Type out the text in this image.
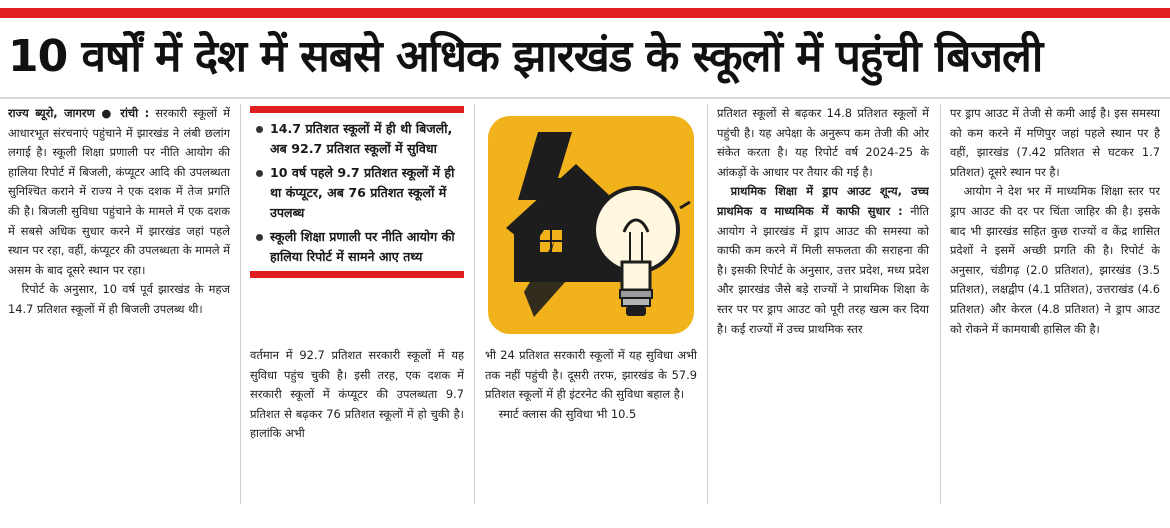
10 वर्षों में देश में सबसे अधिक झारखंड के स्कूलों में पहुंची बिजली

राज्य ब्यूरो, जागरण ● रांची : सरकारी स्कूलों में आधारभूत संरचनाएं पहुंचाने में झारखंड ने लंबी छलांग लगाई है। स्कूली शिक्षा प्रणाली पर नीति आयोग की हालिया रिपोर्ट में बिजली, कंप्यूटर आदि की उपलब्धता सुनिश्चित कराने में राज्य ने एक दशक में तेज प्रगति की है। बिजली सुविधा पहुंचाने के मामले में एक दशक में सबसे अधिक सुधार करने में झारखंड जहां पहले स्थान पर रहा, वहीं, कंप्यूटर की उपलब्धता के मामले में असम के बाद दूसरे स्थान पर रहा।

रिपोर्ट के अनुसार, 10 वर्ष पूर्व झारखंड के महज 14.7 प्रतिशत स्कूलों में ही बिजली उपलब्ध थी।

14.7 प्रतिशत स्कूलों में ही थी बिजली, अब 92.7 प्रतिशत स्कूलों में सुविधा
10 वर्ष पहले 9.7 प्रतिशत स्कूलों में ही था कंप्यूटर, अब 76 प्रतिशत स्कूलों में उपलब्ध
स्कूली शिक्षा प्रणाली पर नीति आयोग की हालिया रिपोर्ट में सामने आए तथ्य

वर्तमान में 92.7 प्रतिशत सरकारी स्कूलों में यह सुविधा पहुंच चुकी है। इसी तरह, एक दशक में सरकारी स्कूलों में कंप्यूटर की उपलब्धता 9.7 प्रतिशत से बढ़कर 76 प्रतिशत स्कूलों में हो चुकी है। हालांकि अभी

भी 24 प्रतिशत सरकारी स्कूलों में यह सुविधा अभी तक नहीं पहुंची है। दूसरी तरफ, झारखंड के 57.9 प्रतिशत स्कूलों में ही इंटरनेट की सुविधा बहाल है।

स्मार्ट क्लास की सुविधा भी 10.5

प्रतिशत स्कूलों से बढ़कर 14.8 प्रतिशत स्कूलों में पहुंची है। यह अपेक्षा के अनुरूप कम तेजी की ओर संकेत करता है। यह रिपोर्ट वर्ष 2024-25 के आंकड़ों के आधार पर तैयार की गई है।

प्राथमिक शिक्षा में ड्राप आउट शून्य, उच्च प्राथमिक व माध्यमिक में काफी सुधार : नीति आयोग ने झारखंड में ड्राप आउट की समस्या को काफी कम करने में मिली सफलता की सराहना की है। इसकी रिपोर्ट के अनुसार, उत्तर प्रदेश, मध्य प्रदेश और झारखंड जैसे बड़े राज्यों ने प्राथमिक शिक्षा के स्तर पर पर ड्राप आउट को पूरी तरह खत्म कर दिया है। कई राज्यों में उच्च प्राथमिक स्तर

पर ड्राप आउट में तेजी से कमी आई है। इस समस्या को कम करने में मणिपुर जहां पहले स्थान पर है वहीं, झारखंड (7.42 प्रतिशत से घटकर 1.7 प्रतिशत) दूसरे स्थान पर है।

आयोग ने देश भर में माध्यमिक शिक्षा स्तर पर ड्राप आउट की दर पर चिंता जाहिर की है। इसके बाद भी झारखंड सहित कुछ राज्यों व केंद्र शासित प्रदेशों ने इसमें अच्छी प्रगति की है। रिपोर्ट के अनुसार, चंडीगढ़ (2.0 प्रतिशत), झारखंड (3.5 प्रतिशत), लक्षद्वीप (4.1 प्रतिशत), उत्तराखंड (4.6 प्रतिशत) और केरल (4.8 प्रतिशत) ने ड्राप आउट को रोकने में कामयाबी हासिल की है।
